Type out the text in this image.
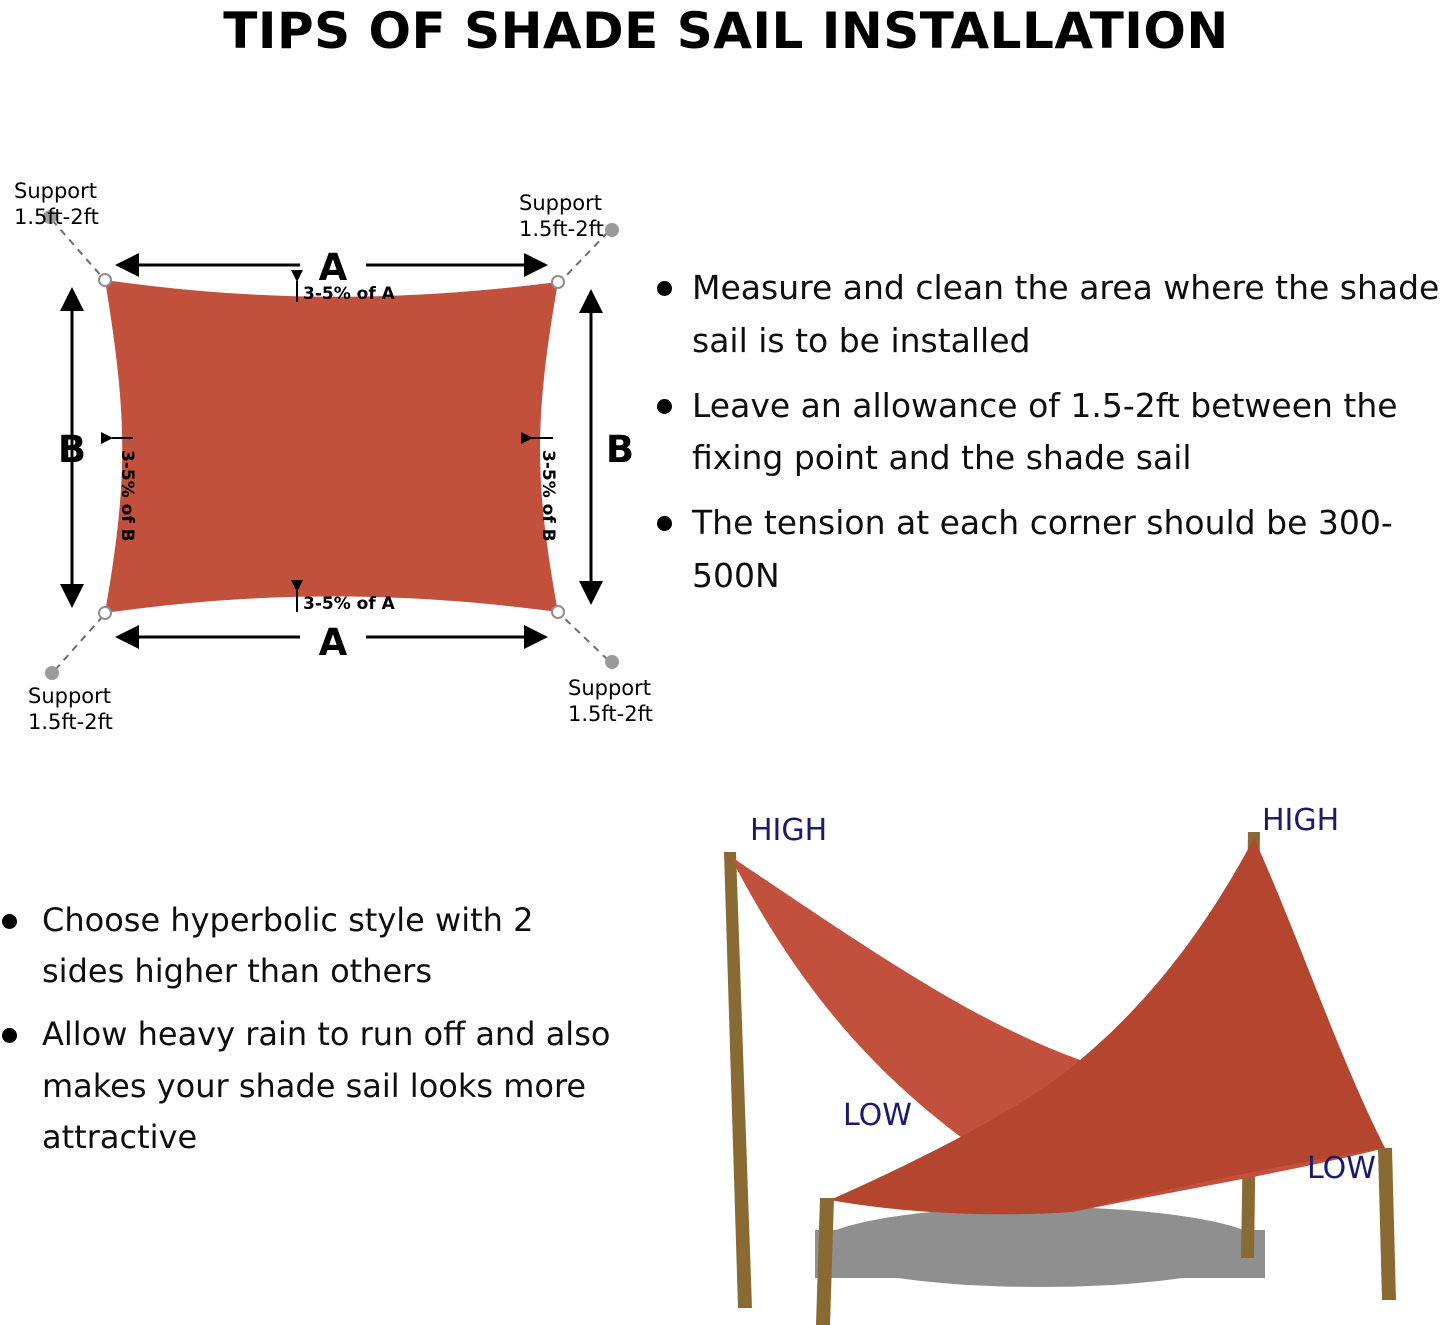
TIPS OF SHADE SAIL INSTALLATION
A
A
B	B
3-5% of A
3-5% of A
3-5% of B	3-5% of B
Support
1.5ft-2ft
Support
1.5ft-2ft
Support
1.5ft-2ft
Support
1.5ft-2ft
Measure and clean the area where the shade sail is to be installed
Leave an allowance of 1.5-2ft between the fixing point and the shade sail
The tension at each corner should be 300-500N
Choose hyperbolic style with 2 sides higher than others
Allow heavy rain to run off and also makes your shade sail looks more attractive
HIGH	HIGH
LOW
LOW
